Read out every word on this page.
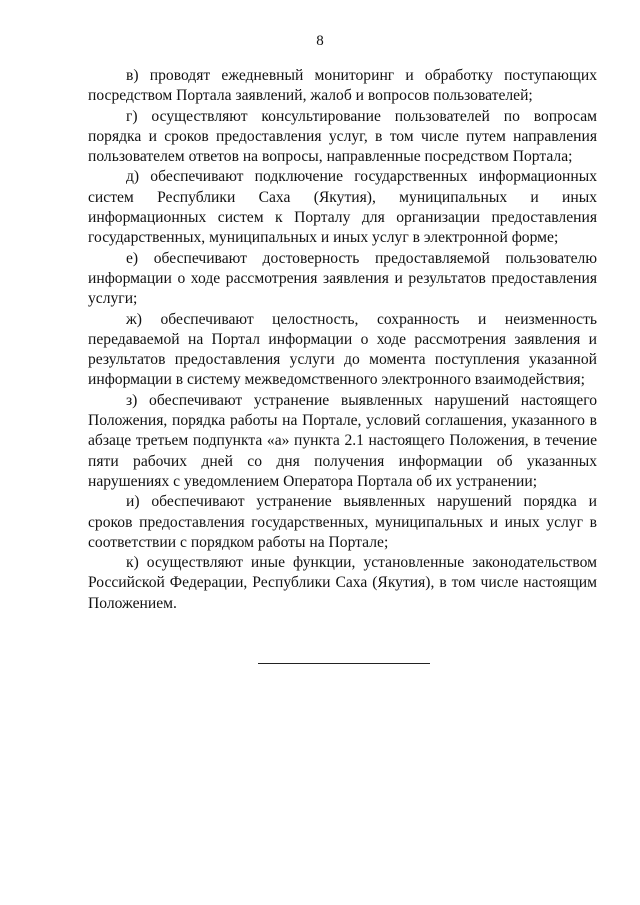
8

в) проводят ежедневный мониторинг и обработку поступающих посредством Портала заявлений, жалоб и вопросов пользователей;

г) осуществляют консультирование пользователей по вопросам порядка и сроков предоставления услуг, в том числе путем направления пользователем ответов на вопросы, направленные посредством Портала;

д) обеспечивают подключение государственных информационных систем Республики Саха (Якутия), муниципальных и иных информационных систем к Порталу для организации предоставления государственных, муниципальных и иных услуг в электронной форме;

е) обеспечивают достоверность предоставляемой пользователю информации о ходе рассмотрения заявления и результатов предоставления услуги;

ж) обеспечивают целостность, сохранность и неизменность передаваемой на Портал информации о ходе рассмотрения заявления и результатов предоставления услуги до момента поступления указанной информации в систему межведомственного электронного взаимодействия;

з) обеспечивают устранение выявленных нарушений настоящего Положения, порядка работы на Портале, условий соглашения, указанного в абзаце третьем подпункта «а» пункта 2.1 настоящего Положения, в течение пяти рабочих дней со дня получения информации об указанных нарушениях с уведомлением Оператора Портала об их устранении;

и) обеспечивают устранение выявленных нарушений порядка и сроков предоставления государственных, муниципальных и иных услуг в соответствии с порядком работы на Портале;

к) осуществляют иные функции, установленные законодательством Российской Федерации, Республики Саха (Якутия), в том числе настоящим Положением.
